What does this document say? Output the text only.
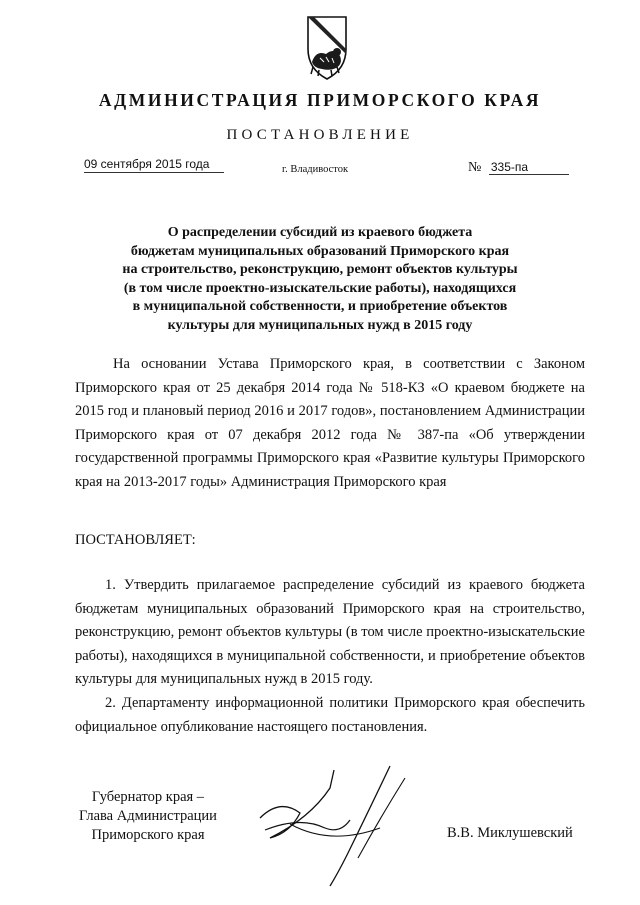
АДМИНИСТРАЦИЯ ПРИМОРСКОГО КРАЯ
ПОСТАНОВЛЕНИЕ
09 сентября 2015 года	г. Владивосток	№ 335-па
О распределении субсидий из краевого бюджета
бюджетам муниципальных образований Приморского края
на строительство, реконструкцию, ремонт объектов культуры
(в том числе проектно-изыскательские работы), находящихся
в муниципальной собственности, и приобретение объектов
культуры для муниципальных нужд в 2015 году
На основании Устава Приморского края, в соответствии с Законом Приморского края от 25 декабря 2014 года № 518-КЗ «О краевом бюджете на 2015 год и плановый период 2016 и 2017 годов», постановлением Администрации Приморского края от 07 декабря 2012 года № 387-па «Об утверждении государственной программы Приморского края «Развитие культуры Приморского края на 2013-2017 годы» Администрация Приморского края
ПОСТАНОВЛЯЕТ:
1. Утвердить прилагаемое распределение субсидий из краевого бюджета бюджетам муниципальных образований Приморского края на строительство, реконструкцию, ремонт объектов культуры (в том числе проектно-изыскательские работы), находящихся в муниципальной собственности, и приобретение объектов культуры для муниципальных нужд в 2015 году.
2. Департаменту информационной политики Приморского края обеспечить официальное опубликование настоящего постановления.
Губернатор края –
Глава Администрации
Приморского края	В.В. Миклушевский
